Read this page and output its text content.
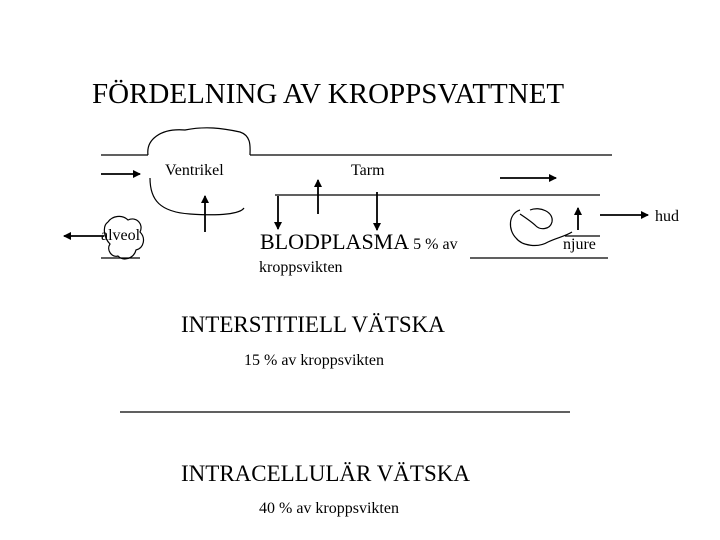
FÖRDELNING AV KROPPSVATTNET
Ventrikel	Tarm
alveol
hud
njure
BLODPLASMA 5 % av
kroppsvikten
INTERSTITIELL VÄTSKA
15 % av kroppsvikten
INTRACELLULÄR VÄTSKA
40 % av kroppsvikten
